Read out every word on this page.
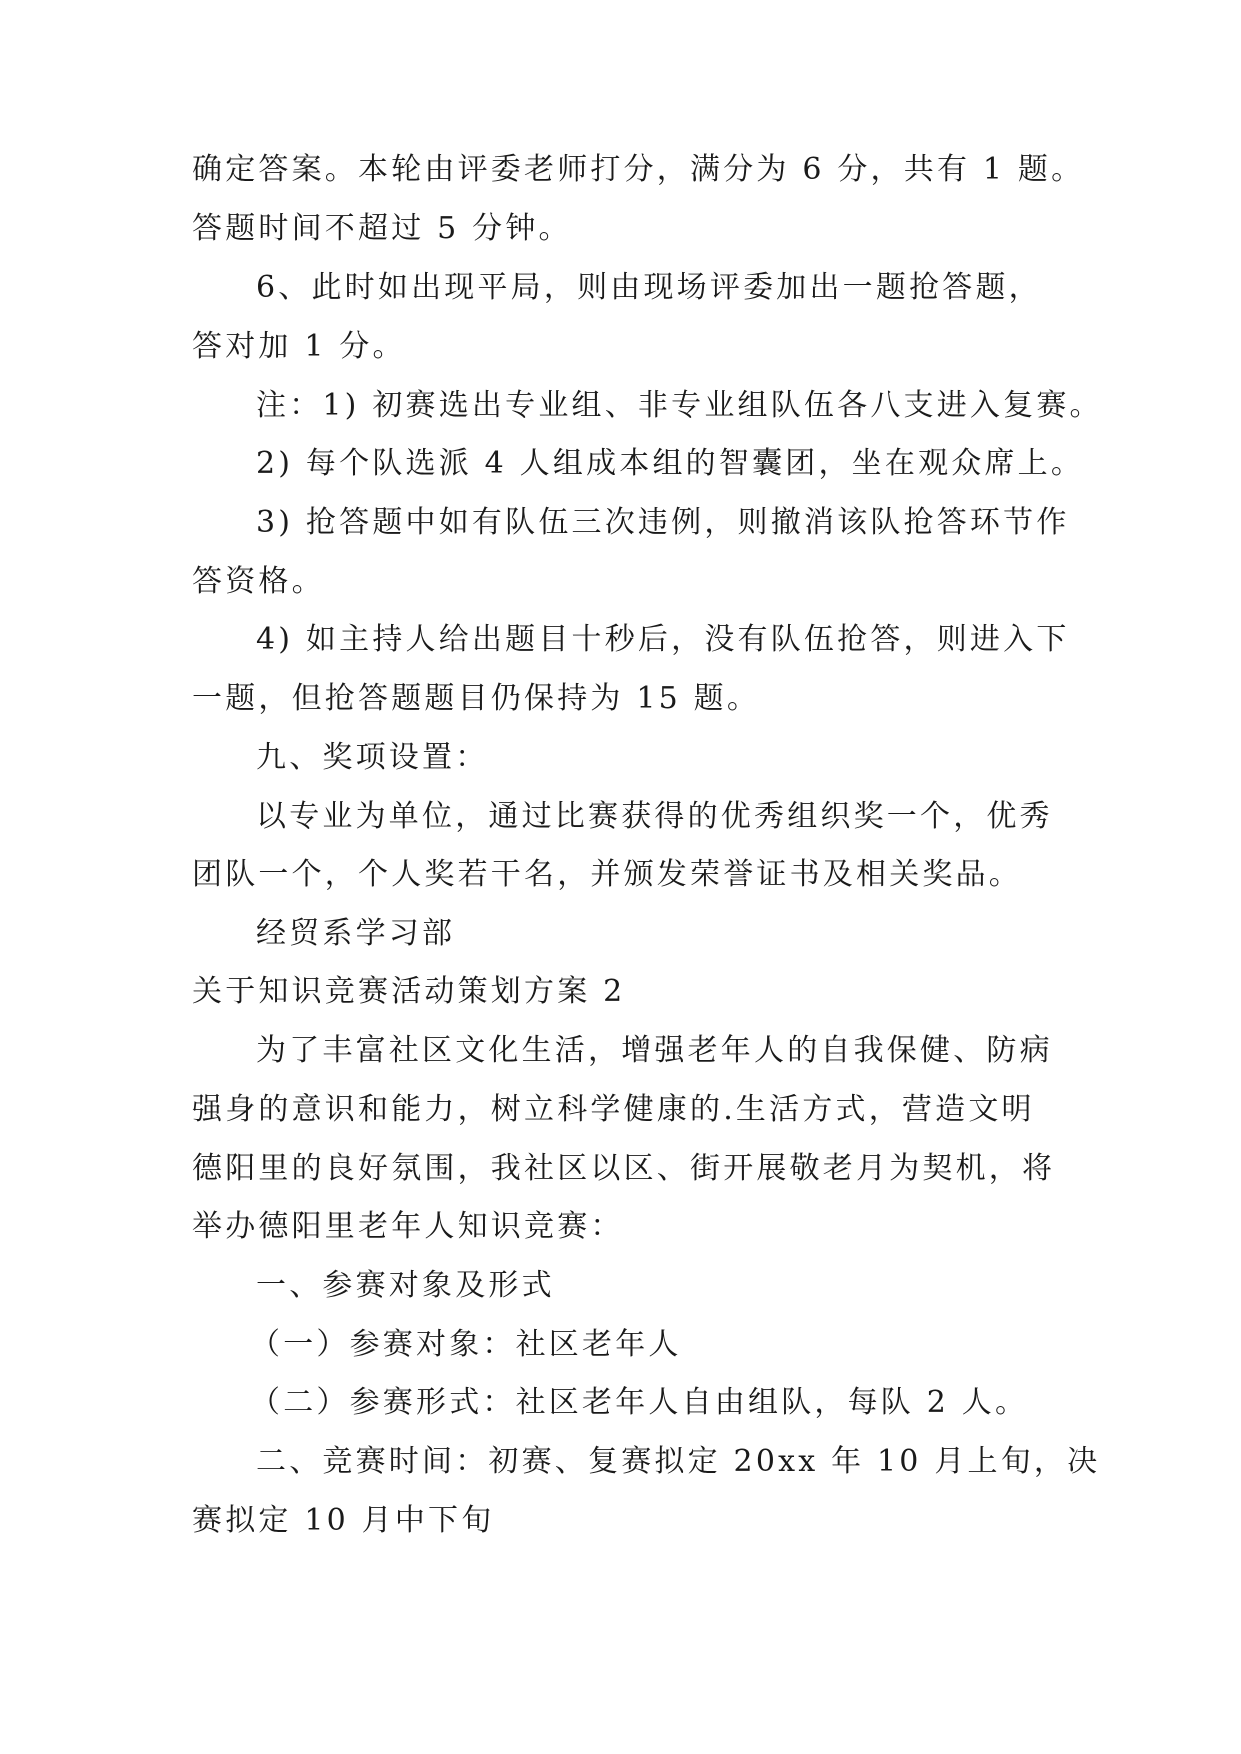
确定答案。本轮由评委老师打分，满分为 6 分，共有 1 题。
答题时间不超过 5 分钟。
6、此时如出现平局，则由现场评委加出一题抢答题，
答对加 1 分。
注：1) 初赛选出专业组、非专业组队伍各八支进入复赛。
2) 每个队选派 4 人组成本组的智囊团，坐在观众席上。
3) 抢答题中如有队伍三次违例，则撤消该队抢答环节作
答资格。
4) 如主持人给出题目十秒后，没有队伍抢答，则进入下
一题，但抢答题题目仍保持为 15 题。
九、奖项设置：
以专业为单位，通过比赛获得的优秀组织奖一个，优秀
团队一个，个人奖若干名，并颁发荣誉证书及相关奖品。
经贸系学习部
关于知识竞赛活动策划方案 2
为了丰富社区文化生活，增强老年人的自我保健、防病
强身的意识和能力，树立科学健康的.生活方式，营造文明
德阳里的良好氛围，我社区以区、街开展敬老月为契机，将
举办德阳里老年人知识竞赛：
一、参赛对象及形式
（一）参赛对象：社区老年人
（二）参赛形式：社区老年人自由组队，每队 2 人。
二、竞赛时间：初赛、复赛拟定 20xx 年 10 月上旬，决
赛拟定 10 月中下旬
